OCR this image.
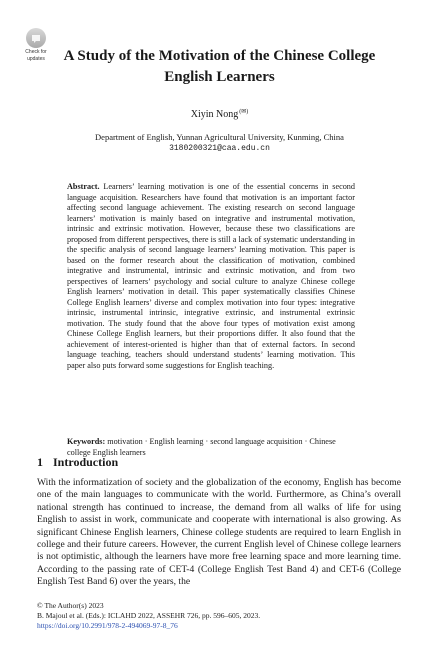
Check for
updates	A Study of the Motivation of the Chinese College
English Learners
Xiyin Nong(✉)
Department of English, Yunnan Agricultural University, Kunming, China
3180200321@caa.edu.cn
Abstract. Learners’ learning motivation is one of the essential concerns in second language acquisition. Researchers have found that motivation is an important factor affecting second language achievement. The existing research on second language learners’ motivation is mainly based on integrative and instrumental motivation, intrinsic and extrinsic motivation. However, because these two classifications are proposed from different perspectives, there is still a lack of systematic understanding in the specific analysis of second language learners’ learning motivation. This paper is based on the former research about the classification of motivation, combined integrative and instrumental, intrinsic and extrinsic motivation, and from two perspectives of learners’ psychology and social culture to analyze Chinese college English learners’ motivation in detail. This paper systematically classifies Chinese College English learners’ diverse and complex motivation into four types: integrative intrinsic, instrumental intrinsic, integrative extrinsic, and instrumental extrinsic motivation. The study found that the above four types of motivation exist among Chinese College English learners, but their proportions differ. It also found that the achievement of interest-oriented is higher than that of external factors. In second language teaching, teachers should understand students’ learning motivation. This paper also puts forward some suggestions for English teaching.
Keywords: motivation · English learning · second language acquisition · Chinese college English learners
1 Introduction
With the informatization of society and the globalization of the economy, English has become one of the main languages to communicate with the world. Furthermore, as China’s overall national strength has continued to increase, the demand from all walks of life for using English to assist in work, communicate and cooperate with international is also growing. As significant Chinese English learners, Chinese college students are required to learn English in college and their future careers. However, the current English level of Chinese college learners is not optimistic, although the learners have more free learning space and more learning time. According to the passing rate of CET-4 (College English Test Band 4) and CET-6 (College English Test Band 6) over the years, the
© The Author(s) 2023
B. Majoul et al. (Eds.): ICLAHD 2022, ASSEHR 726, pp. 596–605, 2023.
https://doi.org/10.2991/978-2-494069-97-8_76
